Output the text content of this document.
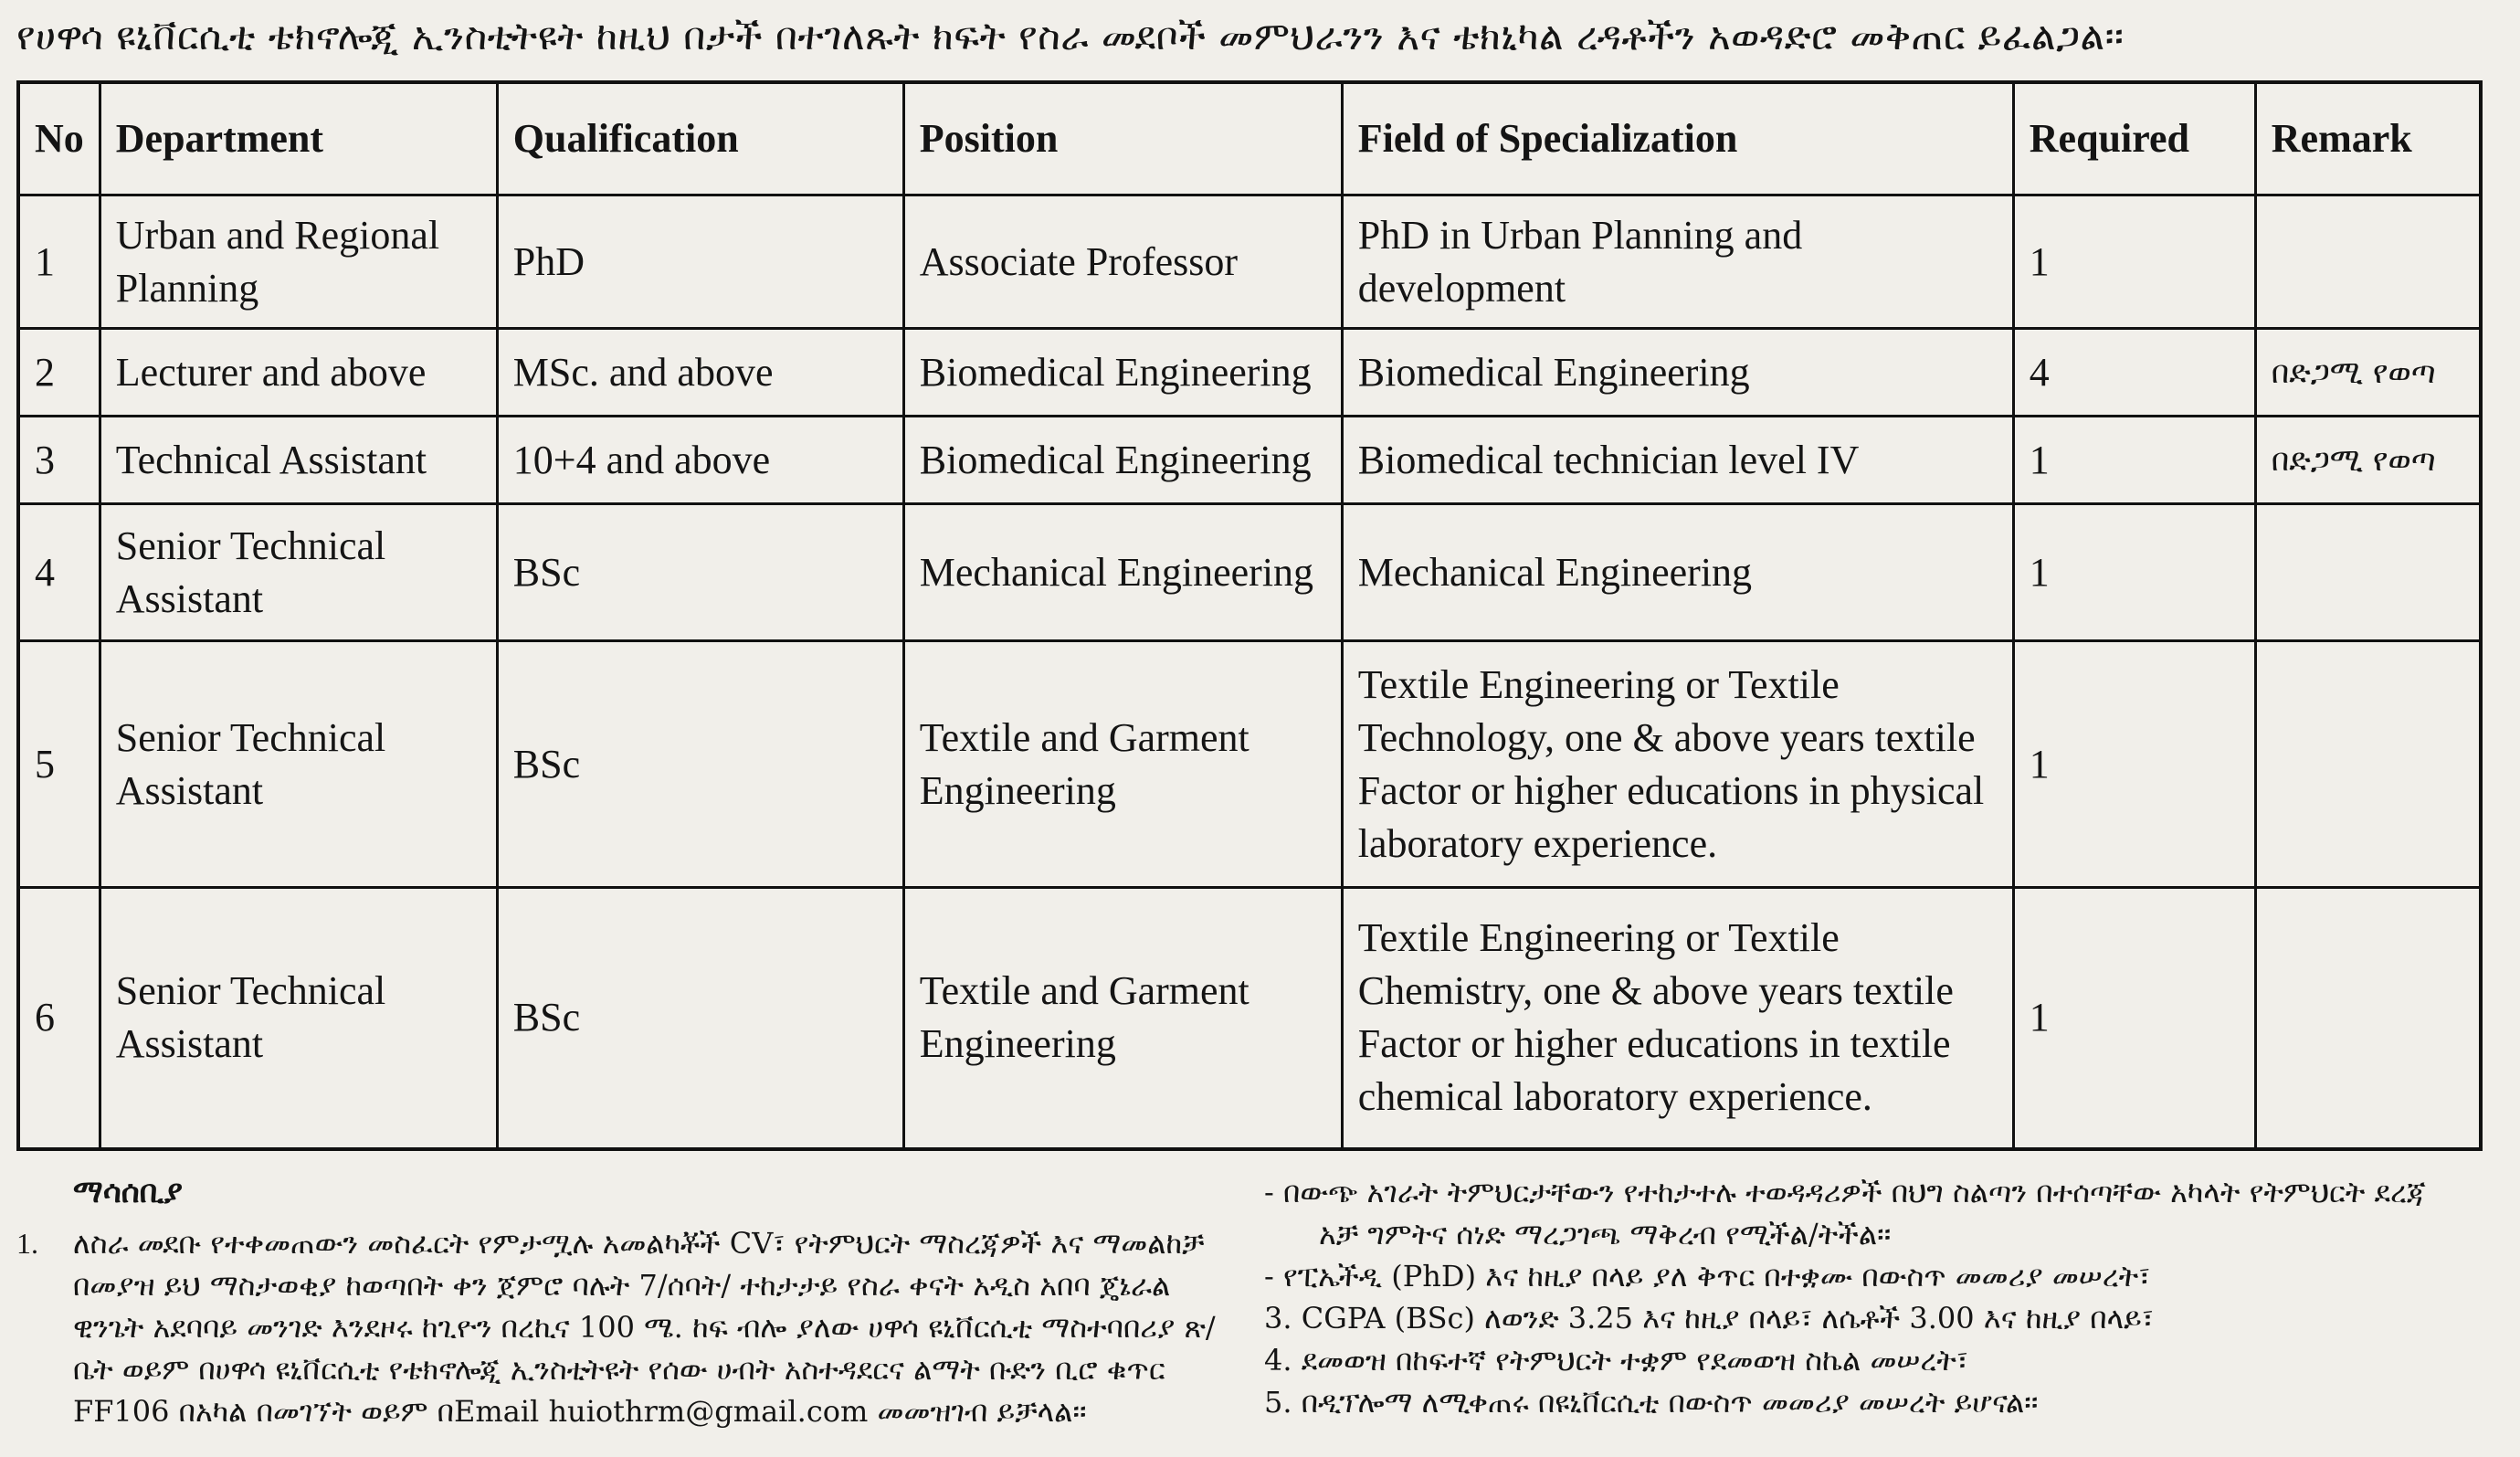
የሀዋሳ ዩኒቨርሲቲ ቴክኖሎጂ ኢንስቲትዩት ከዚህ በታች በተገለጹት ክፍት የስራ መደቦች መምህራንን እና ቴክኒካል ረዳቶችን አወዳድሮ መቅጠር ይፈልጋል፡፡
No	Department	Qualification	Position	Field of Specialization	Required	Remark
1	Urban and Regional Planning	PhD	Associate Professor	PhD in Urban Planning and development	1	
2	Lecturer and above	MSc. and above	Biomedical Engineering	Biomedical Engineering	4	በድጋሚ የወጣ
3	Technical Assistant	10+4 and above	Biomedical Engineering	Biomedical technician level IV	1	በድጋሚ የወጣ
4	Senior Technical Assistant	BSc	Mechanical Engineering	Mechanical Engineering	1	
5	Senior Technical Assistant	BSc	Textile and Garment Engineering	Textile Engineering or Textile Technology, one & above years textile Factor or higher educations in physical laboratory experience.	1	
6	Senior Technical Assistant	BSc	Textile and Garment Engineering	Textile Engineering or Textile Chemistry, one & above years textile Factor or higher educations in textile chemical laboratory experience.	1	
ማሳሰቢያ
1.	ለስራ መደቡ የተቀመጠውን መስፈርት የምታሟሉ አመልካቾች CV፣ የትምህርት ማስረጃዎች እና ማመልከቻ በመያዝ ይህ ማስታወቂያ ከወጣበት ቀን ጀምሮ ባሉት 7/ሰባት/ ተከታታይ የስራ ቀናት አዲስ አበባ ጄኔራል ዊንጌት አደባባይ መንገድ እንደዞሩ ከጊዮን በረኪና 100 ሜ. ከፍ ብሎ ያለው ሀዋሳ ዩኒቨርሲቲ ማስተባበሪያ ጽ/ቤት ወይም በሀዋሳ ዩኒቨርሲቲ የቴክኖሎጂ ኢንስቲትዩት የሰው ሀብት አስተዳደርና ልማት ቡድን ቢሮ ቁጥር FF106 በአካል በመገኘት ወይም በEmail huiothrm@gmail.com መመዝገብ ይቻላል፡፡
- በውጭ አገራት ትምህርታቸውን የተከታተሉ ተወዳዳሪዎች በህግ ስልጣን በተሰጣቸው አካላት የትምህርት ደረጃ
አቻ ግምትና ሰነድ ማረጋገጫ ማቅረብ የሚችል/ትችል፡፡
- የፒኤችዲ (PhD) እና ከዚያ በላይ ያለ ቅጥር በተቋሙ በውስጥ መመሪያ መሠረት፣
3. CGPA (BSc) ለወንድ 3.25 እና ከዚያ በላይ፣ ለሴቶች 3.00 እና ከዚያ በላይ፣
4. ደመወዝ በከፍተኛ የትምህርት ተቋም የደመወዝ ስኬል መሠረት፣
5. በዲፕሎማ ለሚቀጠሩ በዩኒቨርሲቲ በውስጥ መመሪያ መሠረት ይሆናል፡፡
